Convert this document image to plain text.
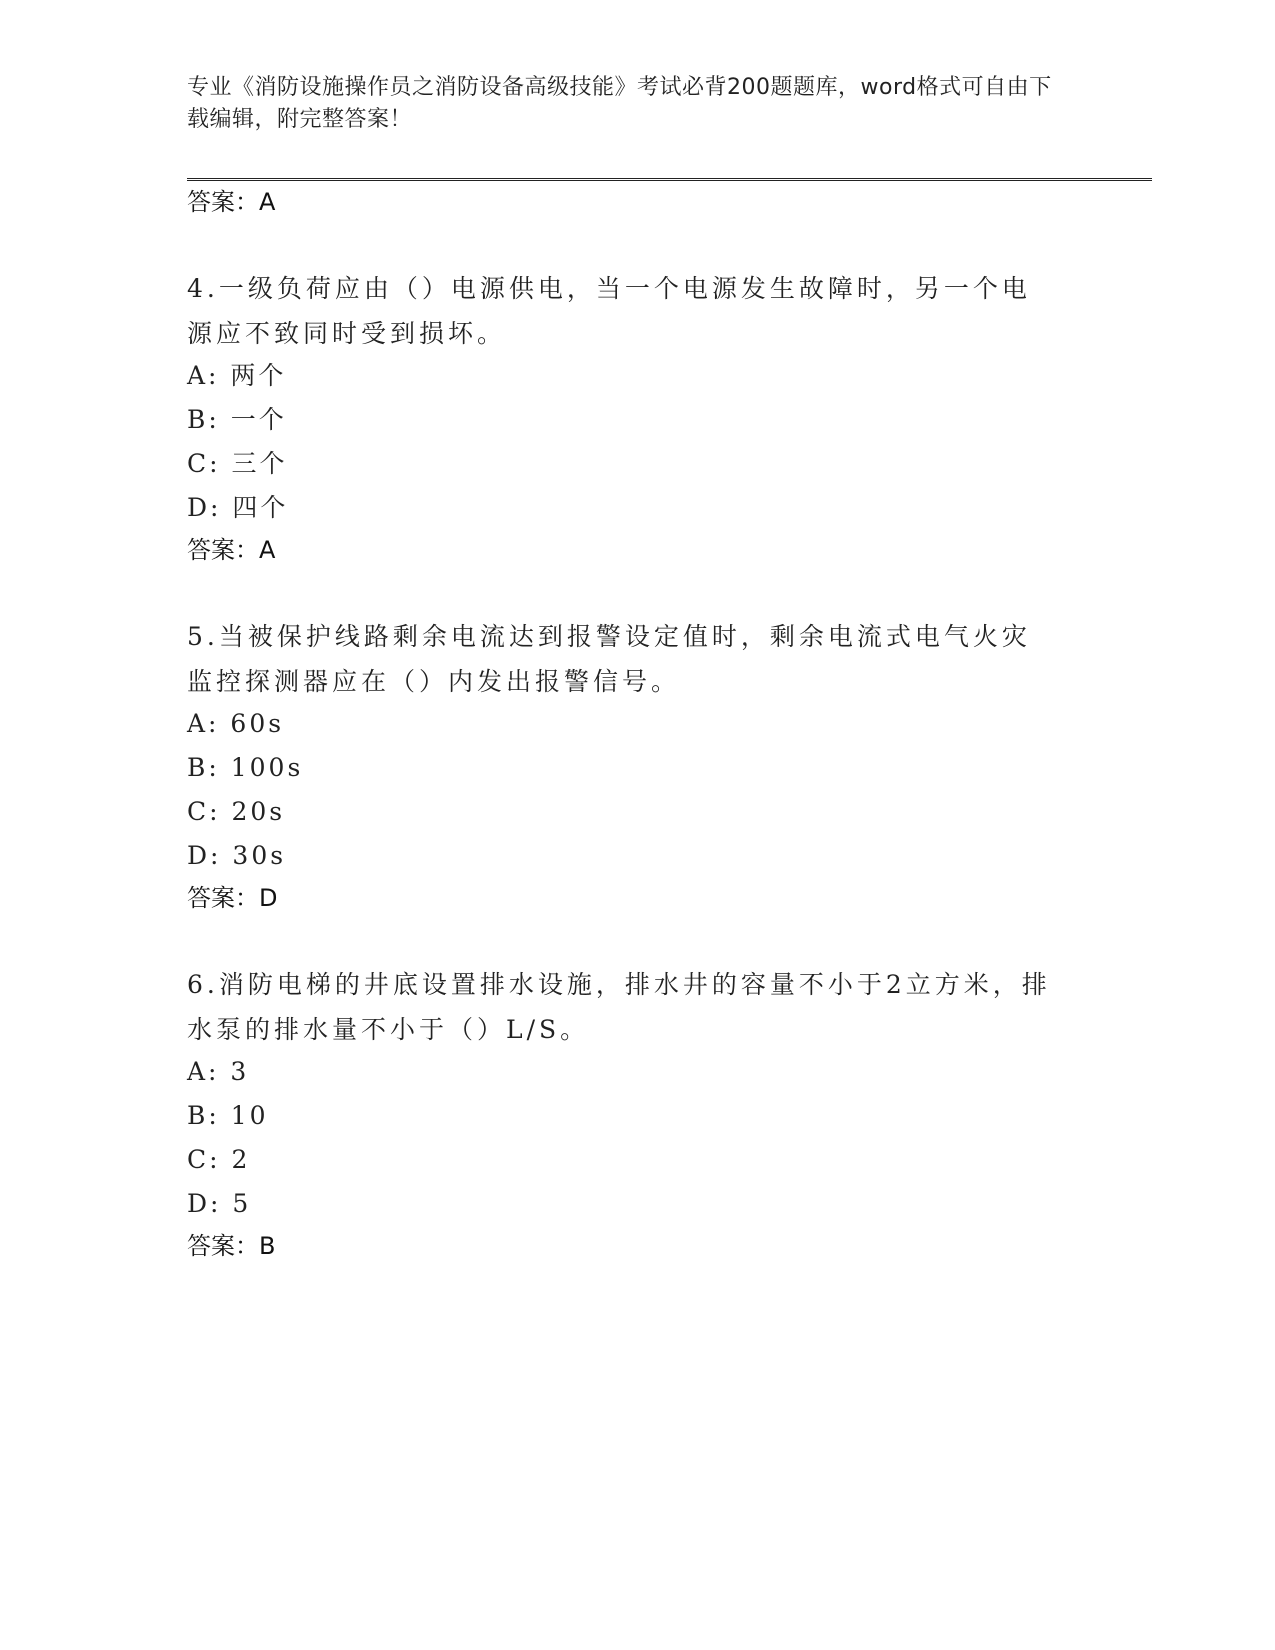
专业《消防设施操作员之消防设备高级技能》考试必背200题题库，word格式可自由下载编辑，附完整答案！
答案：A
4.一级负荷应由（）电源供电，当一个电源发生故障时，另一个电源应不致同时受到损坏。
A: 两个
B: 一个
C: 三个
D: 四个
答案：A
5.当被保护线路剩余电流达到报警设定值时，剩余电流式电气火灾监控探测器应在（）内发出报警信号。
A: 60s
B: 100s
C: 20s
D: 30s
答案：D
6.消防电梯的井底设置排水设施，排水井的容量不小于2立方米，排水泵的排水量不小于（）L/S。
A: 3
B: 10
C: 2
D: 5
答案：B
